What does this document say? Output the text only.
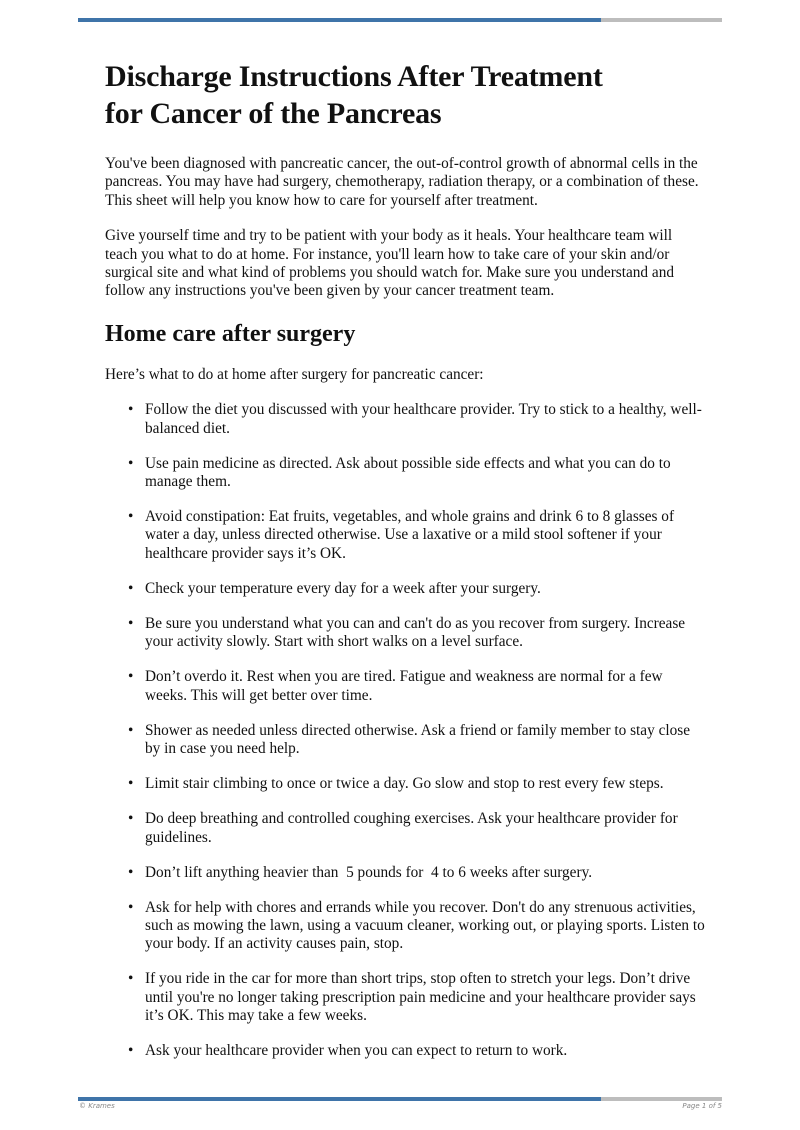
Discharge Instructions After Treatment
for Cancer of the Pancreas

You've been diagnosed with pancreatic cancer, the out-of-control growth of abnormal cells in the pancreas. You may have had surgery, chemotherapy, radiation therapy, or a combination of these. This sheet will help you know how to care for yourself after treatment.

Give yourself time and try to be patient with your body as it heals. Your healthcare team will teach you what to do at home. For instance, you'll learn how to take care of your skin and/or surgical site and what kind of problems you should watch for. Make sure you understand and follow any instructions you've been given by your cancer treatment team.

Home care after surgery

Here’s what to do at home after surgery for pancreatic cancer:

• Follow the diet you discussed with your healthcare provider. Try to stick to a healthy, well-balanced diet.
• Use pain medicine as directed. Ask about possible side effects and what you can do to manage them.
• Avoid constipation: Eat fruits, vegetables, and whole grains and drink 6 to 8 glasses of water a day, unless directed otherwise. Use a laxative or a mild stool softener if your healthcare provider says it’s OK.
• Check your temperature every day for a week after your surgery.
• Be sure you understand what you can and can't do as you recover from surgery. Increase your activity slowly. Start with short walks on a level surface.
• Don’t overdo it. Rest when you are tired. Fatigue and weakness are normal for a few weeks. This will get better over time.
• Shower as needed unless directed otherwise. Ask a friend or family member to stay close by in case you need help.
• Limit stair climbing to once or twice a day. Go slow and stop to rest every few steps.
• Do deep breathing and controlled coughing exercises. Ask your healthcare provider for guidelines.
• Don’t lift anything heavier than  5 pounds for  4 to 6 weeks after surgery.
• Ask for help with chores and errands while you recover. Don't do any strenuous activities, such as mowing the lawn, using a vacuum cleaner, working out, or playing sports. Listen to your body. If an activity causes pain, stop.
• If you ride in the car for more than short trips, stop often to stretch your legs. Don’t drive until you're no longer taking prescription pain medicine and your healthcare provider says it’s OK. This may take a few weeks.
• Ask your healthcare provider when you can expect to return to work.
© Krames	Page 1 of 5
